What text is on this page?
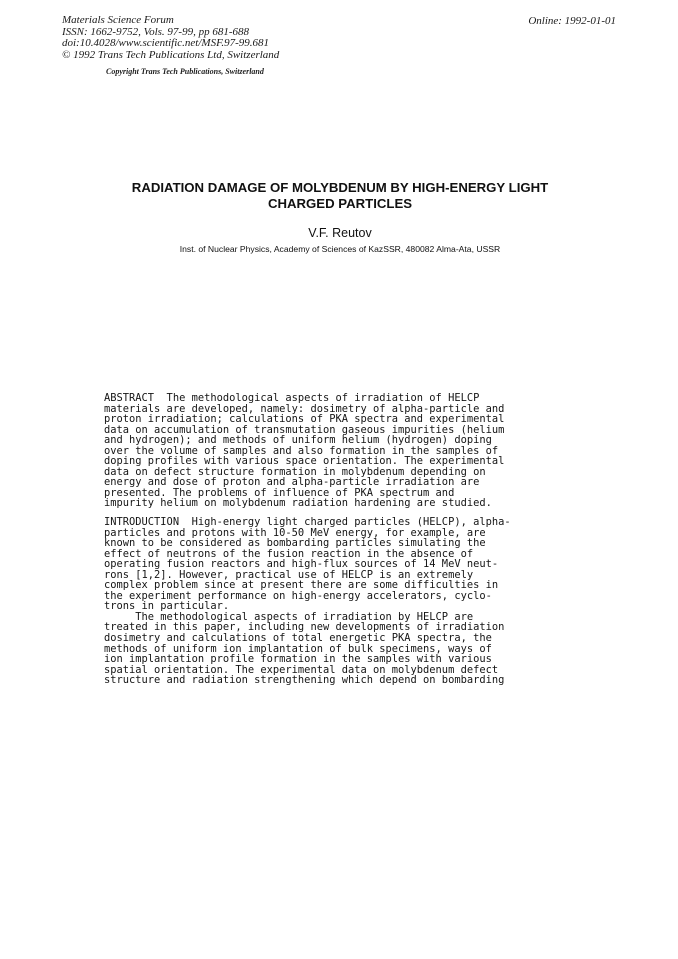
Materials Science Forum
ISSN: 1662-9752, Vols. 97-99, pp 681-688
doi:10.4028/www.scientific.net/MSF.97-99.681
© 1992 Trans Tech Publications Ltd, Switzerland
Copyright Trans Tech Publications, Switzerland
Online: 1992-01-01
RADIATION DAMAGE OF MOLYBDENUM BY HIGH-ENERGY LIGHT
CHARGED PARTICLES
V.F. Reutov
Inst. of Nuclear Physics, Academy of Sciences of KazSSR, 480082 Alma-Ata, USSR
ABSTRACT  The methodological aspects of irradiation of HELCP
materials are developed, namely: dosimetry of alpha-particle and
proton irradiation; calculations of PKA spectra and experimental
data on accumulation of transmutation gaseous impurities (helium
and hydrogen); and methods of uniform helium (hydrogen) doping
over the volume of samples and also formation in the samples of
doping profiles with various space orientation. The experimental
data on defect structure formation in molybdenum depending on
energy and dose of proton and alpha-particle irradiation are
presented. The problems of influence of PKA spectrum and
impurity helium on molybdenum radiation hardening are studied.
INTRODUCTION  High-energy light charged particles (HELCP), alpha-
particles and protons with 10-50 MeV energy, for example, are
known to be considered as bombarding particles simulating the
effect of neutrons of the fusion reaction in the absence of
operating fusion reactors and high-flux sources of 14 MeV neut-
rons [1,2]. However, practical use of HELCP is an extremely
complex problem since at present there are some difficulties in
the experiment performance on high-energy accelerators, cyclo-
trons in particular.
The methodological aspects of irradiation by HELCP are
treated in this paper, including new developments of irradiation
dosimetry and calculations of total energetic PKA spectra, the
methods of uniform ion implantation of bulk specimens, ways of
ion implantation profile formation in the samples with various
spatial orientation. The experimental data on molybdenum defect
structure and radiation strengthening which depend on bombarding
